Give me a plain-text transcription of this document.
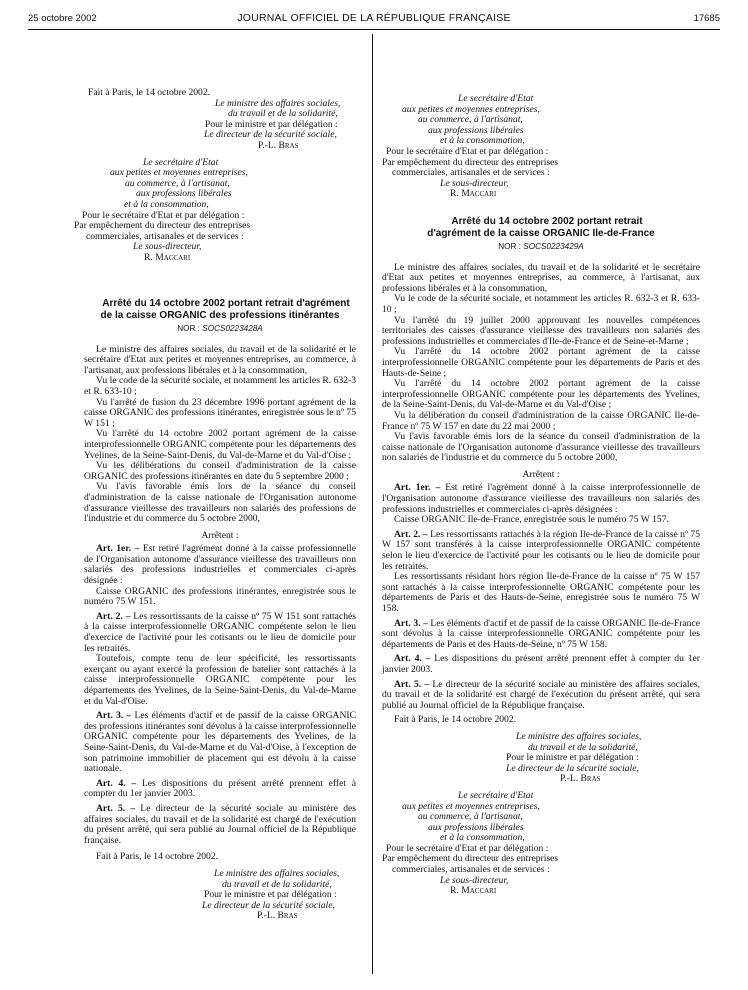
25 octobre 2002	JOURNAL OFFICIEL DE LA RÉPUBLIQUE FRANÇAISE	17685
Fait à Paris, le 14 octobre 2002.
Le ministre des affaires sociales,
du travail et de la solidarité,
Pour le ministre et par délégation :
Le directeur de la sécurité sociale,
P.-L. Bras
Le secrétaire d'Etat
aux petites et moyennes entreprises,
au commerce, à l'artisanat,
aux professions libérales
et à la consommation,
Pour le secrétaire d'Etat et par délégation :
Par empêchement du directeur des entreprises
commerciales, artisanales et de services :
Le sous-directeur,
R. Maccari

Arrêté du 14 octobre 2002 portant retrait d'agrément de la caisse ORGANIC des professions itinérantes

NOR : SOCS0223428A

Le ministre des affaires sociales, du travail et de la solidarité et le secrétaire d'Etat aux petites et moyennes entreprises, au commerce, à l'artisanat, aux professions libérales et à la consommation,

Vu le code de la sécurité sociale, et notamment les articles R. 632-3 et R. 633-10 ;

Vu l'arrêté de fusion du 23 décembre 1996 portant agrément de la caisse ORGANIC des professions itinérantes, enregistrée sous le nº 75 W 151 ;

Vu l'arrêté du 14 octobre 2002 portant agrément de la caisse interprofessionnelle ORGANIC compétente pour les départements des Yvelines, de la Seine-Saint-Denis, du Val-de-Marne et du Val-d'Oise ;

Vu les délibérations du conseil d'administration de la caisse ORGANIC des professions itinérantes en date du 5 septembre 2000 ;

Vu l'avis favorable émis lors de la séance du conseil d'administration de la caisse nationale de l'Organisation autonome d'assurance vieillesse des travailleurs non salariés des professions de l'industrie et du commerce du 5 octobre 2000,

Arrêtent :

Art. 1er. – Est retiré l'agrément donné à la caisse professionnelle de l'Organisation autonome d'assurance vieillesse des travailleurs non salariés des professions industrielles et commerciales ci-après désignée :

Caisse ORGANIC des professions itinérantes, enregistrée sous le numéro 75 W 151.

Art. 2. – Les ressortissants de la caisse nº 75 W 151 sont rattachés à la caisse interprofessionnelle ORGANIC compétente selon le lieu d'exercice de l'activité pour les cotisants ou le lieu de domicile pour les retraités.

Toutefois, compte tenu de leur spécificité, les ressortissants exerçant ou ayant exercé la profession de batelier sont rattachés à la caisse interprofessionnelle ORGANIC compétente pour les départements des Yvelines, de la Seine-Saint-Denis, du Val-de-Marne et du Val-d'Oise.

Art. 3. – Les éléments d'actif et de passif de la caisse ORGANIC des professions itinérantes sont dévolus à la caisse interprofessionnelle ORGANIC compétente pour les départements des Yvelines, de la Seine-Saint-Denis, du Val-de-Marne et du Val-d'Oise, à l'exception de son patrimoine immobilier de placement qui est dévolu à la caisse nationale.

Art. 4. – Les dispositions du présent arrêté prennent effet à compter du 1er janvier 2003.

Art. 5. – Le directeur de la sécurité sociale au ministère des affaires sociales, du travail et de la solidarité est chargé de l'exécution du présent arrêté, qui sera publié au Journal officiel de la République française.

Fait à Paris, le 14 octobre 2002.
Le ministre des affaires sociales,
du travail et de la solidarité,
Pour le ministre et par délégation :
Le directeur de la sécurité sociale,
P.-L. Bras
Le secrétaire d'Etat
aux petites et moyennes entreprises,
au commerce, à l'artisanat,
aux professions libérales
et à la consommation,
Pour le secrétaire d'Etat et par délégation :
Par empêchement du directeur des entreprises
commerciales, artisanales et de services :
Le sous-directeur,
R. Maccari

Arrêté du 14 octobre 2002 portant retrait d'agrément de la caisse ORGANIC Ile-de-France

NOR : SOCS0223429A

Le ministre des affaires sociales, du travail et de la solidarité et le secrétaire d'Etat aux petites et moyennes entreprises, au commerce, à l'artisanat, aux professions libérales et à la consommation,

Vu le code de la sécurité sociale, et notamment les articles R. 632-3 et R. 633-10 ;

Vu l'arrêté du 19 juillet 2000 approuvant les nouvelles compétences territoriales des caisses d'assurance vieillesse des travailleurs non salariés des professions industrielles et commerciales d'Ile-de-France et de Seine-et-Marne ;

Vu l'arrêté du 14 octobre 2002 portant agrément de la caisse interprofessionnelle ORGANIC compétente pour les départements de Paris et des Hauts-de-Seine ;

Vu l'arrêté du 14 octobre 2002 portant agrément de la caisse interprofessionnelle ORGANIC compétente pour les départements des Yvelines, de la Seine-Saint-Denis, du Val-de-Marne et du Val-d'Oise ;

Vu la délibération du conseil d'administration de la caisse ORGANIC Ile-de-France nº 75 W 157 en date du 22 mai 2000 ;

Vu l'avis favorable émis lors de la séance du conseil d'administration de la caisse nationale de l'Organisation autonome d'assurance vieillesse des travailleurs non salariés de l'industrie et du commerce du 5 octobre 2000,

Arrêtent :

Art. 1er. – Est retiré l'agrément donné à la caisse interprofessionnelle de l'Organisation autonome d'assurance vieillesse des travailleurs non salariés des professions industrielles et commerciales ci-après désignées :

Caisse ORGANIC Ile-de-France, enregistrée sous le numéro 75 W 157.

Art. 2. – Les ressortissants rattachés à la région Ile-de-France de la caisse nº 75 W 157 sont transférés à la caisse interprofessionnelle ORGANIC compétente selon le lieu d'exercice de l'activité pour les cotisants ou le lieu de domicile pour les retraités.

Les ressortissants résidant hors région Ile-de-France de la caisse nº 75 W 157 sont rattachés à la caisse interprofessionnelle ORGANIC compétente pour les départements de Paris et des Hauts-de-Seine, enregistrée sous le numéro 75 W 158.

Art. 3. – Les éléments d'actif et de passif de la caisse ORGANIC Ile-de-France sont dévolus à la caisse interprofessionnelle ORGANIC compétente pour les départements de Paris et des Hauts-de-Seine, nº 75 W 158.

Art. 4. – Les dispositions du présent arrêté prennent effet à compter du 1er janvier 2003.

Art. 5. – Le directeur de la sécurité sociale au ministère des affaires sociales, du travail et de la solidarité est chargé de l'exécution du présent arrêté, qui sera publié au Journal officiel de la République française.

Fait à Paris, le 14 octobre 2002.
Le ministre des affaires sociales,
du travail et de la solidarité,
Pour le ministre et par délégation :
Le directeur de la sécurité sociale,
P.-L. Bras
Le secrétaire d'Etat
aux petites et moyennes entreprises,
au commerce, à l'artisanat,
aux professions libérales
et à la consommation,
Pour le secrétaire d'Etat et par délégation :
Par empêchement du directeur des entreprises
commerciales, artisanales et de services :
Le sous-directeur,
R. Maccari
